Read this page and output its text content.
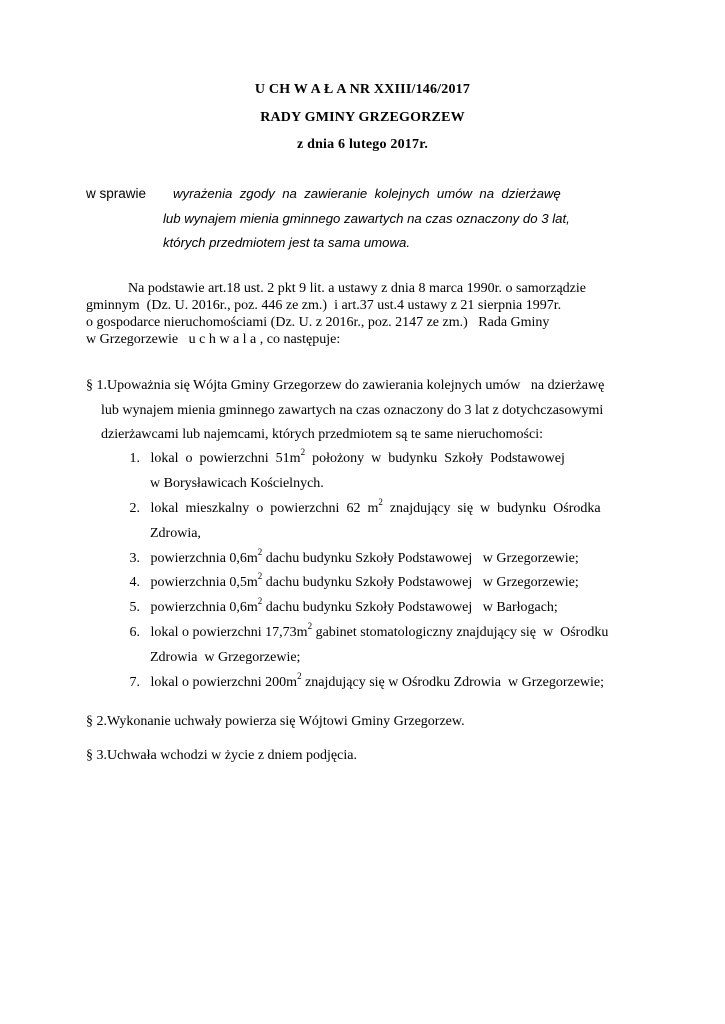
U CH W A Ł A NR XXIII/146/2017
RADY GMINY GRZEGORZEW
z dnia 6 lutego 2017r.
w sprawie wyrażenia  zgody  na  zawieranie  kolejnych  umów  na  dzierżawę
lub wynajem mienia gminnego zawartych na czas oznaczony do 3 lat,
których przedmiotem jest ta sama umowa.
Na podstawie art.18 ust. 2 pkt 9 lit. a ustawy z dnia 8 marca 1990r. o samorządzie
gminnym  (Dz. U. 2016r., poz. 446 ze zm.)  i art.37 ust.4 ustawy z 21 sierpnia 1997r.
o gospodarce nieruchomościami (Dz. U. z 2016r., poz. 2147 ze zm.)   Rada Gminy
w Grzegorzewie   u c h w a l a , co następuje:
§ 1.Upoważnia się Wójta Gminy Grzegorzew do zawierania kolejnych umów   na dzierżawę
lub wynajem mienia gminnego zawartych na czas oznaczony do 3 lat z dotychczasowymi
dzierżawcami lub najemcami, których przedmiotem są te same nieruchomości:
1. lokal  o  powierzchni  $51m^2$  położony  w  budynku  Szkoły  Podstawowej
w Borysławicach Kościelnych.
2. lokal  mieszkalny  o  powierzchni  62  $m^2$  znajdujący  się  w  budynku  Ośrodka
Zdrowia,
3. powierzchnia $0,6m^2$ dachu budynku Szkoły Podstawowej   w Grzegorzewie;
4. powierzchnia $0,5m^2$ dachu budynku Szkoły Podstawowej   w Grzegorzewie;
5. powierzchnia $0,6m^2$ dachu budynku Szkoły Podstawowej   w Barłogach;
6. lokal o powierzchni $17,73m^2$ gabinet stomatologiczny znajdujący się  w  Ośrodku
Zdrowia  w Grzegorzewie;
7. lokal o powierzchni $200m^2$ znajdujący się w Ośrodku Zdrowia  w Grzegorzewie;
§ 2.Wykonanie uchwały powierza się Wójtowi Gminy Grzegorzew.
§ 3.Uchwała wchodzi w życie z dniem podjęcia.
